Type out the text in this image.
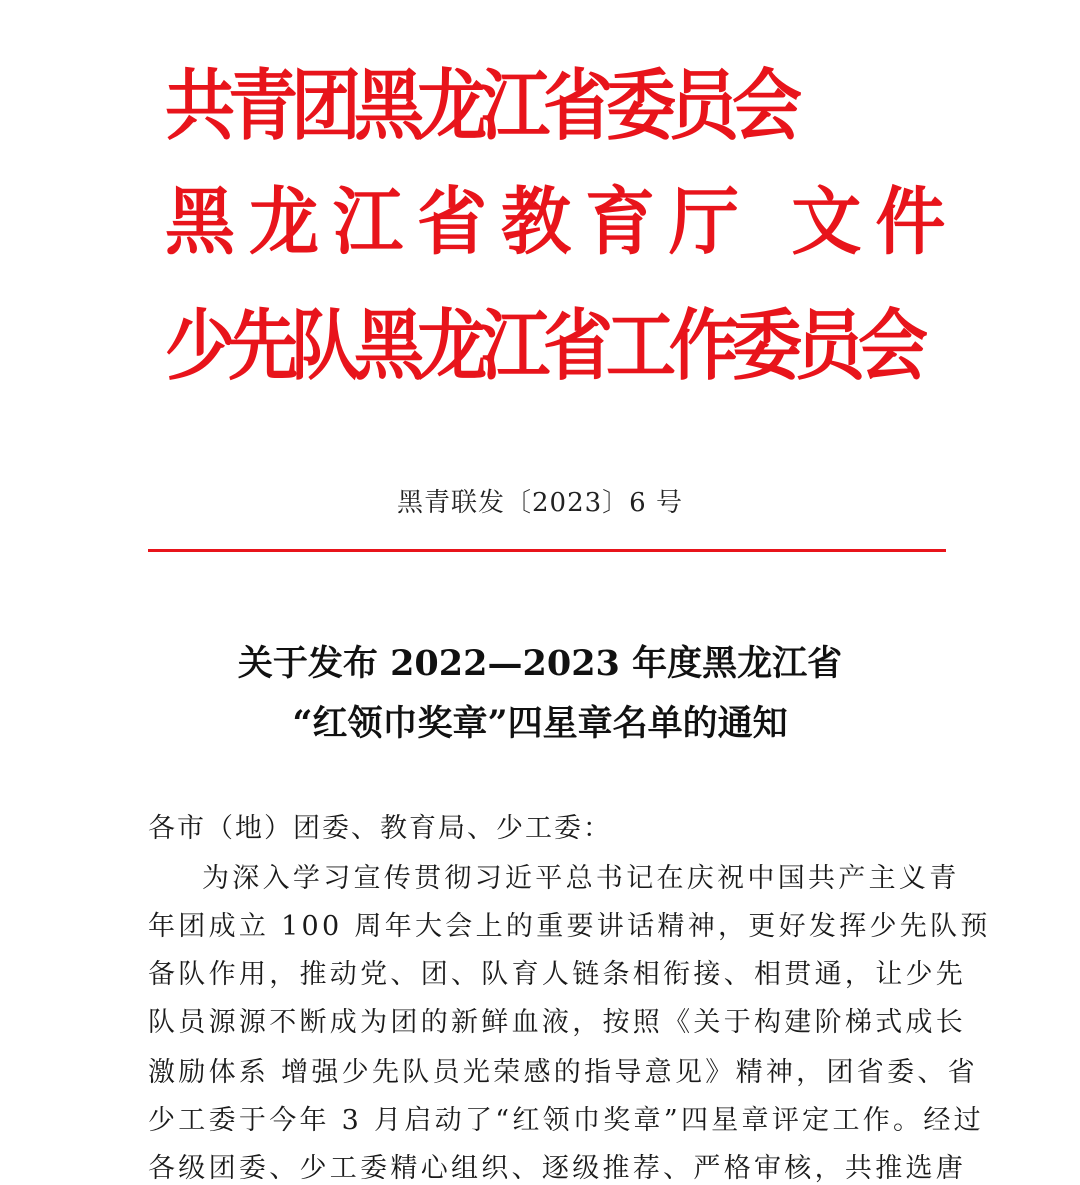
共青团黑龙江省委员会
黑龙江省教育厅 文件
少先队黑龙江省工作委员会
黑青联发〔2023〕6 号
关于发布 2022—2023 年度黑龙江省
“红领巾奖章”四星章名单的通知
各市（地）团委、教育局、少工委：
为深入学习宣传贯彻习近平总书记在庆祝中国共产主义青
年团成立 100 周年大会上的重要讲话精神，更好发挥少先队预
备队作用，推动党、团、队育人链条相衔接、相贯通，让少先
队员源源不断成为团的新鲜血液，按照《关于构建阶梯式成长
激励体系 增强少先队员光荣感的指导意见》精神，团省委、省
少工委于今年 3 月启动了“红领巾奖章”四星章评定工作。经过
各级团委、少工委精心组织、逐级推荐、严格审核，共推选唐
